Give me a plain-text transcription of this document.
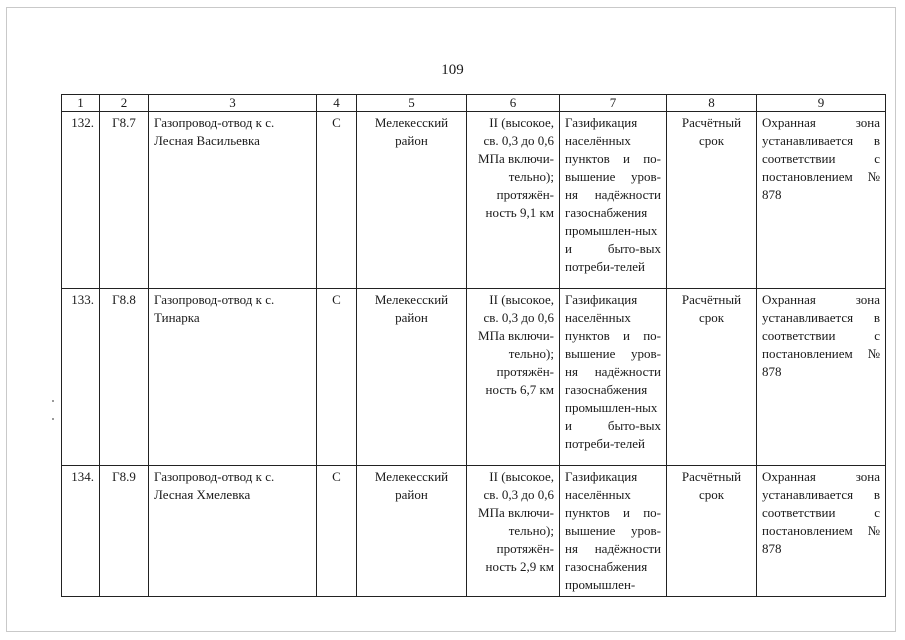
109
1	2	3	4	5	6	7	8	9
132.	Г8.7	Газопровод-отвод к с. Лесная Васильевка	С	Мелекесский район	II (высокое, св. 0,3 до 0,6 МПа включи-тельно); протяжён-ность 9,1 км	Газификация населённых пунктов и по-вышение уров-ня надёжности газоснабжения промышлен-ных и быто-вых потреби-телей	Расчётный срок	Охранная зона устанавливается в соответствии с постановлением № 878
133.	Г8.8	Газопровод-отвод к с. Тинарка	С	Мелекесский район	II (высокое, св. 0,3 до 0,6 МПа включи-тельно); протяжён-ность 6,7 км	Газификация населённых пунктов и по-вышение уров-ня надёжности газоснабжения промышлен-ных и быто-вых потреби-телей	Расчётный срок	Охранная зона устанавливается в соответствии с постановлением № 878
134.	Г8.9	Газопровод-отвод к с. Лесная Хмелевка	С	Мелекесский район	II (высокое, св. 0,3 до 0,6 МПа включи-тельно); протяжён-ность 2,9 км	Газификация населённых пунктов и по-вышение уров-ня надёжности газоснабжения промышлен-	Расчётный срок	Охранная зона устанавливается в соответствии с постановлением № 878
